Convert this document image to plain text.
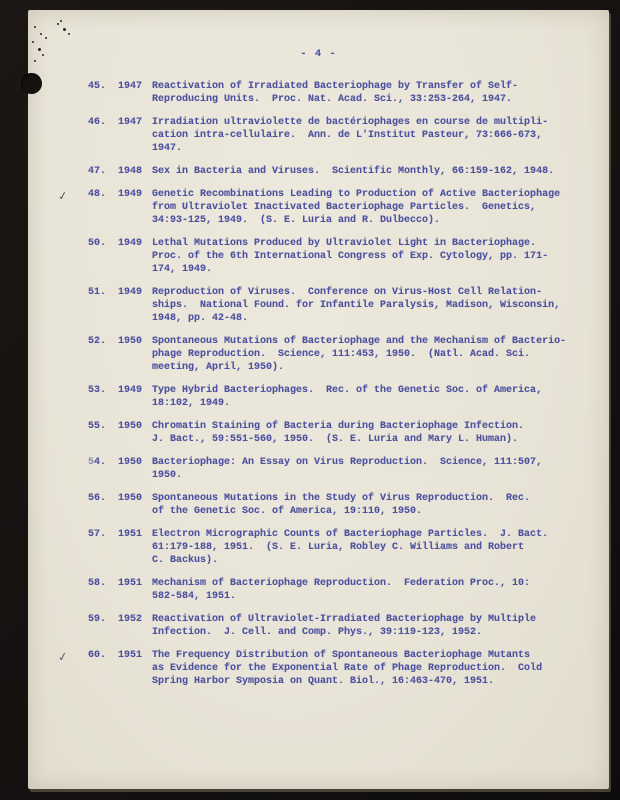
- 4 -
45.	1947 Reactivation of Irradiated Bacteriophage by Transfer of Self-
Reproducing Units.  Proc. Nat. Acad. Sci., 33:253-264, 1947.
46.	1947 Irradiation ultraviolette de bactériophages en course de multipli-
cation intra-cellulaire.  Ann. de L'Institut Pasteur, 73:666-673,
1947.
47.	1948 Sex in Bacteria and Viruses.  Scientific Monthly, 66:159-162, 1948.
✓	48.	1949 Genetic Recombinations Leading to Production of Active Bacteriophage
from Ultraviolet Inactivated Bacteriophage Particles.  Genetics,
34:93-125, 1949.  (S. E. Luria and R. Dulbecco).
50.	1949 Lethal Mutations Produced by Ultraviolet Light in Bacteriophage.
Proc. of the 6th International Congress of Exp. Cytology, pp. 171-
174, 1949.
51.	1949 Reproduction of Viruses.  Conference on Virus-Host Cell Relation-
ships.  National Found. for Infantile Paralysis, Madison, Wisconsin,
1948, pp. 42-48.
52.	1950 Spontaneous Mutations of Bacteriophage and the Mechanism of Bacterio-
phage Reproduction.  Science, 111:453, 1950.  (Natl. Acad. Sci.
meeting, April, 1950).
53.	1949 Type Hybrid Bacteriophages.  Rec. of the Genetic Soc. of America,
18:102, 1949.
55.	1950 Chromatin Staining of Bacteria during Bacteriophage Infection.
J. Bact., 59:551-560, 1950.  (S. E. Luria and Mary L. Human).
54.	1950 Bacteriophage: An Essay on Virus Reproduction.  Science, 111:507,
1950.
56.	1950 Spontaneous Mutations in the Study of Virus Reproduction.  Rec.
of the Genetic Soc. of America, 19:110, 1950.
57.	1951 Electron Micrographic Counts of Bacteriophage Particles.  J. Bact.
61:179-188, 1951.  (S. E. Luria, Robley C. Williams and Robert
C. Backus).
58.	1951 Mechanism of Bacteriophage Reproduction.  Federation Proc., 10:
582-584, 1951.
59.	1952 Reactivation of Ultraviolet-Irradiated Bacteriophage by Multiple
Infection.  J. Cell. and Comp. Phys., 39:119-123, 1952.
✓	60.	1951 The Frequency Distribution of Spontaneous Bacteriophage Mutants
as Evidence for the Exponential Rate of Phage Reproduction.  Cold
Spring Harbor Symposia on Quant. Biol., 16:463-470, 1951.
